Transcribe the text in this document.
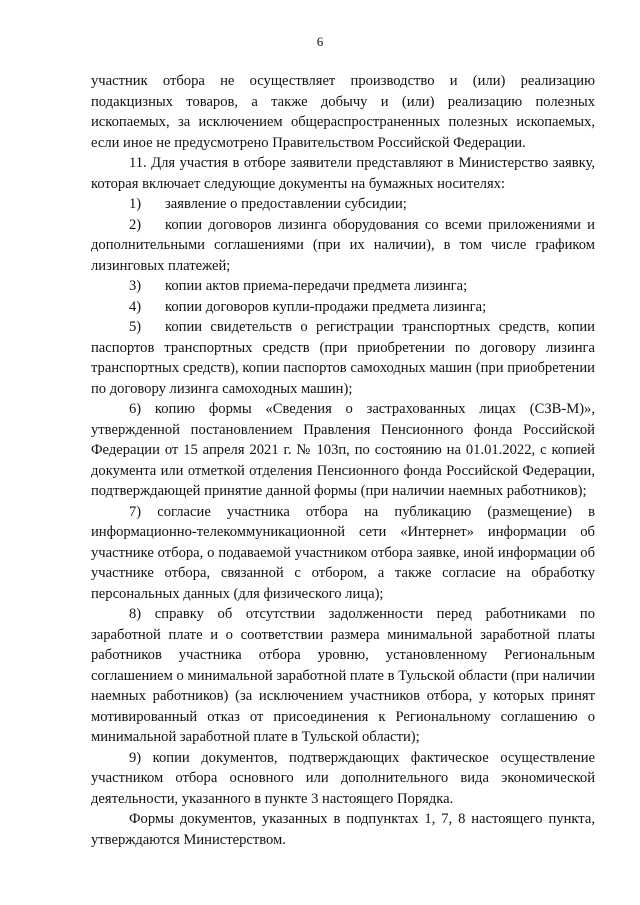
6

участник отбора не осуществляет производство и (или) реализацию подакцизных товаров, а также добычу и (или) реализацию полезных ископаемых, за исключением общераспространенных полезных ископаемых, если иное не предусмотрено Правительством Российской Федерации.

11. Для участия в отборе заявители представляют в Министерство заявку, которая включает следующие документы на бумажных носителях:

1) заявление о предоставлении субсидии;

2) копии договоров лизинга оборудования со всеми приложениями и дополнительными соглашениями (при их наличии), в том числе графиком лизинговых платежей;

3) копии актов приема-передачи предмета лизинга;

4) копии договоров купли-продажи предмета лизинга;

5) копии свидетельств о регистрации транспортных средств, копии паспортов транспортных средств (при приобретении по договору лизинга транспортных средств), копии паспортов самоходных машин (при приобретении по договору лизинга самоходных машин);

6) копию формы «Сведения о застрахованных лицах (СЗВ-М)», утвержденной постановлением Правления Пенсионного фонда Российской Федерации от 15 апреля 2021 г. № 103п, по состоянию на 01.01.2022, с копией документа или отметкой отделения Пенсионного фонда Российской Федерации, подтверждающей принятие данной формы (при наличии наемных работников);

7) согласие участника отбора на публикацию (размещение) в информационно-телекоммуникационной сети «Интернет» информации об участнике отбора, о подаваемой участником отбора заявке, иной информации об участнике отбора, связанной с отбором, а также согласие на обработку персональных данных (для физического лица);

8) справку об отсутствии задолженности перед работниками по заработной плате и о соответствии размера минимальной заработной платы работников участника отбора уровню, установленному Региональным соглашением о минимальной заработной плате в Тульской области (при наличии наемных работников) (за исключением участников отбора, у которых принят мотивированный отказ от присоединения к Региональному соглашению о минимальной заработной плате в Тульской области);

9) копии документов, подтверждающих фактическое осуществление участником отбора основного или дополнительного вида экономической деятельности, указанного в пункте 3 настоящего Порядка.

Формы документов, указанных в подпунктах 1, 7, 8 настоящего пункта, утверждаются Министерством.
